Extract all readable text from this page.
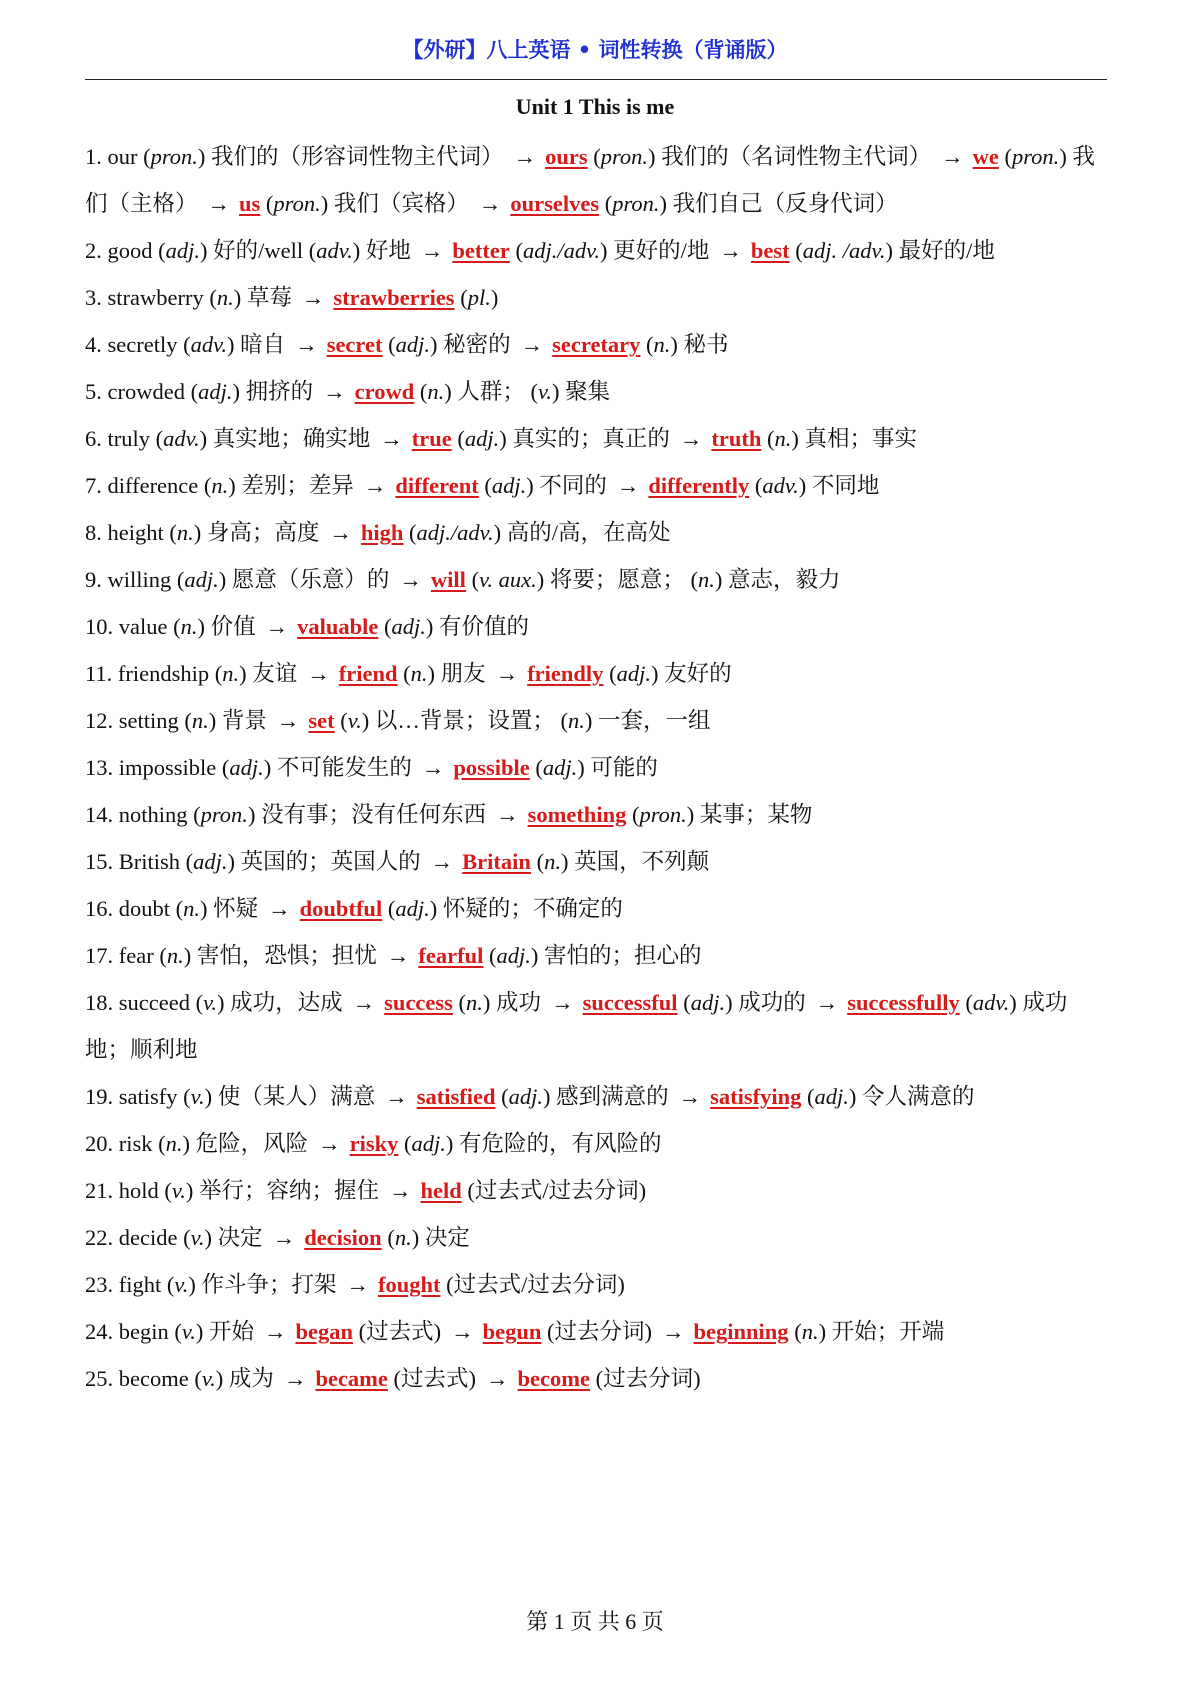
【外研】八上英语 • 词性转换（背诵版）
Unit 1 This is me
1. our (pron.) 我们的（形容词性物主代词） → ours (pron.) 我们的（名词性物主代词） → we (pron.) 我们（主格） → us (pron.) 我们（宾格） → ourselves (pron.) 我们自己（反身代词）
2. good (adj.) 好的/well (adv.) 好地 → better (adj./adv.) 更好的/地 → best (adj. /adv.) 最好的/地
3. strawberry (n.) 草莓 → strawberries (pl.)
4. secretly (adv.) 暗自 → secret (adj.) 秘密的 → secretary (n.) 秘书
5. crowded (adj.) 拥挤的 → crowd (n.) 人群； (v.) 聚集
6. truly (adv.) 真实地；确实地 → true (adj.) 真实的；真正的 → truth (n.) 真相；事实
7. difference (n.) 差别；差异 → different (adj.) 不同的 → differently (adv.) 不同地
8. height (n.) 身高；高度 → high (adj./adv.) 高的/高，在高处
9. willing (adj.) 愿意（乐意）的 → will (v. aux.) 将要；愿意； (n.) 意志，毅力
10. value (n.) 价值 → valuable (adj.) 有价值的
11. friendship (n.) 友谊 → friend (n.) 朋友 → friendly (adj.) 友好的
12. setting (n.) 背景 → set (v.) 以…背景；设置； (n.) 一套，一组
13. impossible (adj.) 不可能发生的 → possible (adj.) 可能的
14. nothing (pron.) 没有事；没有任何东西 → something (pron.) 某事；某物
15. British (adj.) 英国的；英国人的 → Britain (n.) 英国，不列颠
16. doubt (n.) 怀疑 → doubtful (adj.) 怀疑的；不确定的
17. fear (n.) 害怕，恐惧；担忧 → fearful (adj.) 害怕的；担心的
18. succeed (v.) 成功，达成 → success (n.) 成功 → successful (adj.) 成功的 → successfully (adv.) 成功地；顺利地
19. satisfy (v.) 使（某人）满意 → satisfied (adj.) 感到满意的 → satisfying (adj.) 令人满意的
20. risk (n.) 危险，风险 → risky (adj.) 有危险的，有风险的
21. hold (v.) 举行；容纳；握住 → held (过去式/过去分词)
22. decide (v.) 决定 → decision (n.) 决定
23. fight (v.) 作斗争；打架 → fought (过去式/过去分词)
24. begin (v.) 开始 → began (过去式) → begun (过去分词) → beginning (n.) 开始；开端
25. become (v.) 成为 → became (过去式) → become (过去分词)
第 1 页 共 6 页
